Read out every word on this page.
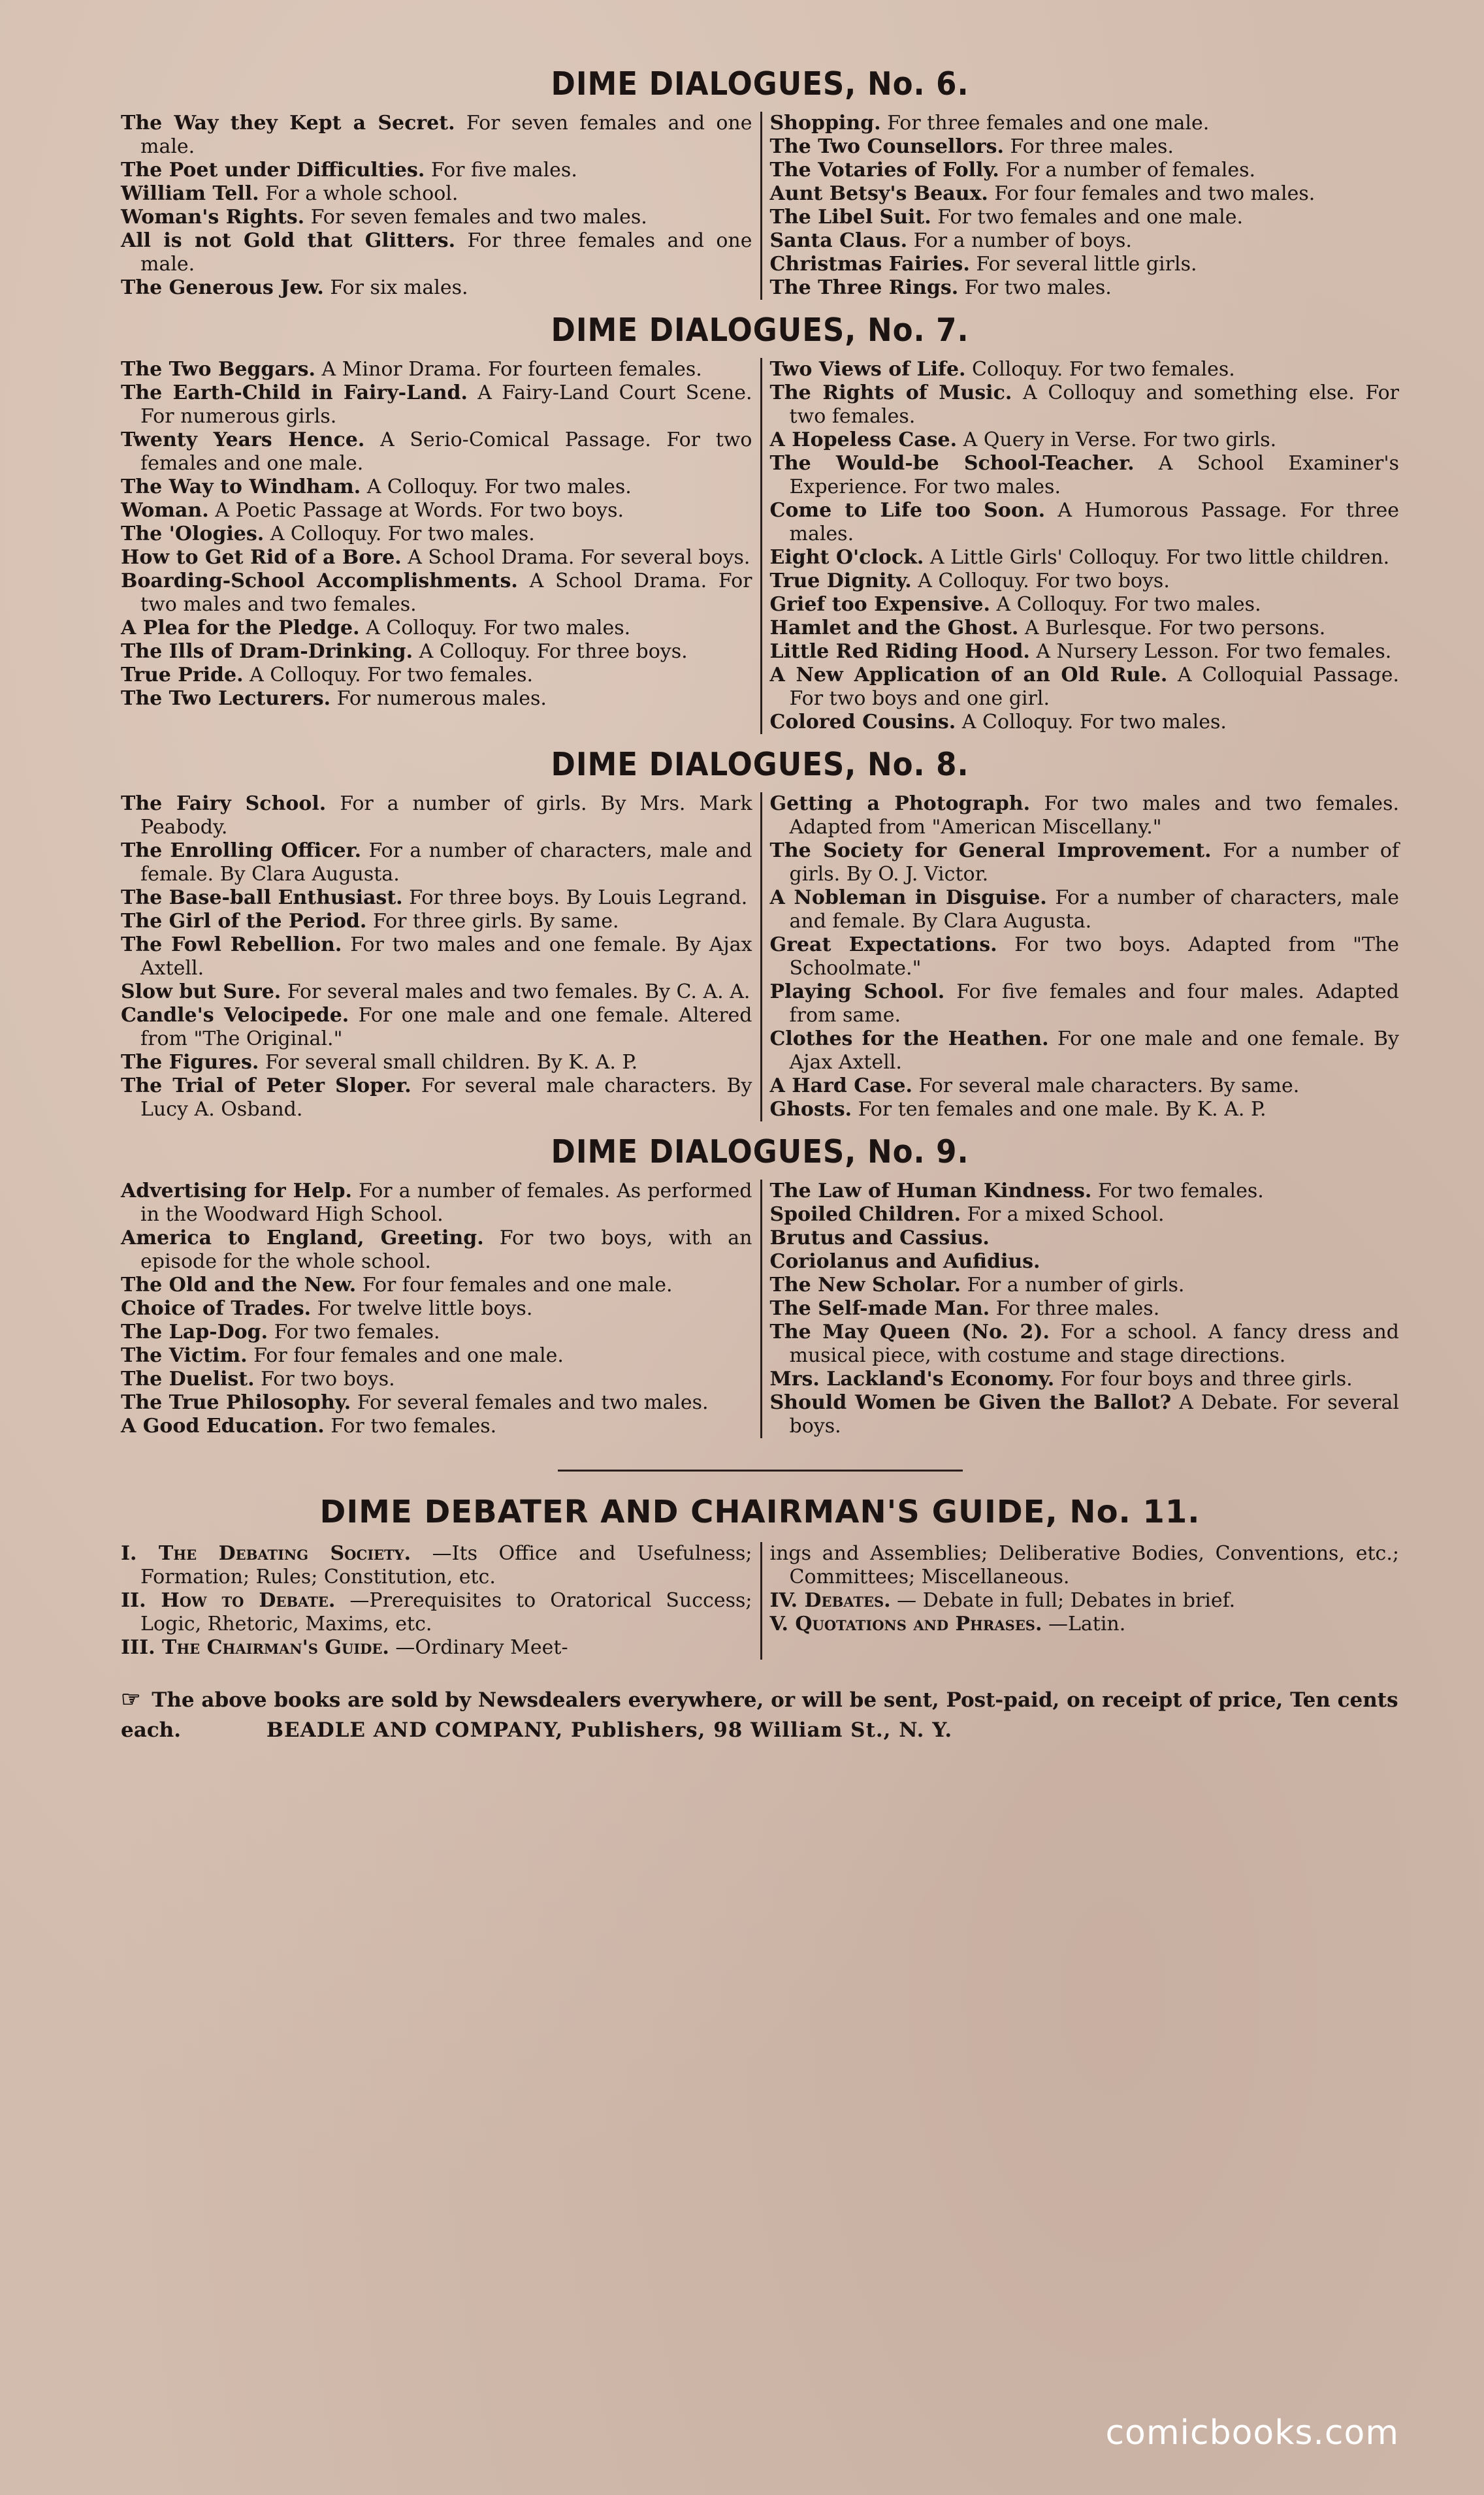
DIME DIALOGUES, No. 6.

The Way they Kept a Secret. For seven females and one male.

The Poet under Difficulties. For five males.

William Tell. For a whole school.

Woman's Rights. For seven females and two males.

All is not Gold that Glitters. For three females and one male.

The Generous Jew. For six males.

Shopping. For three females and one male.

The Two Counsellors. For three males.

The Votaries of Folly. For a number of females.

Aunt Betsy's Beaux. For four females and two males.

The Libel Suit. For two females and one male.

Santa Claus. For a number of boys.

Christmas Fairies. For several little girls.

The Three Rings. For two males.

DIME DIALOGUES, No. 7.

The Two Beggars. A Minor Drama. For fourteen females.

The Earth-Child in Fairy-Land. A Fairy-Land Court Scene. For numerous girls.

Twenty Years Hence. A Serio-Comical Passage. For two females and one male.

The Way to Windham. A Colloquy. For two males.

Woman. A Poetic Passage at Words. For two boys.

The 'Ologies. A Colloquy. For two males.

How to Get Rid of a Bore. A School Drama. For several boys.

Boarding-School Accomplishments. A School Drama. For two males and two females.

A Plea for the Pledge. A Colloquy. For two males.

The Ills of Dram-Drinking. A Colloquy. For three boys.

True Pride. A Colloquy. For two females.

The Two Lecturers. For numerous males.

Two Views of Life. Colloquy. For two females.

The Rights of Music. A Colloquy and something else. For two females.

A Hopeless Case. A Query in Verse. For two girls.

The Would-be School-Teacher. A School Examiner's Experience. For two males.

Come to Life too Soon. A Humorous Passage. For three males.

Eight O'clock. A Little Girls' Colloquy. For two little children.

True Dignity. A Colloquy. For two boys.

Grief too Expensive. A Colloquy. For two males.

Hamlet and the Ghost. A Burlesque. For two persons.

Little Red Riding Hood. A Nursery Lesson. For two females.

A New Application of an Old Rule. A Colloquial Passage. For two boys and one girl.

Colored Cousins. A Colloquy. For two males.

DIME DIALOGUES, No. 8.

The Fairy School. For a number of girls. By Mrs. Mark Peabody.

The Enrolling Officer. For a number of characters, male and female. By Clara Augusta.

The Base-ball Enthusiast. For three boys. By Louis Legrand.

The Girl of the Period. For three girls. By same.

The Fowl Rebellion. For two males and one female. By Ajax Axtell.

Slow but Sure. For several males and two females. By C. A. A.

Candle's Velocipede. For one male and one female. Altered from "The Original."

The Figures. For several small children. By K. A. P.

The Trial of Peter Sloper. For several male characters. By Lucy A. Osband.

Getting a Photograph. For two males and two females. Adapted from "American Miscellany."

The Society for General Improvement. For a number of girls. By O. J. Victor.

A Nobleman in Disguise. For a number of characters, male and female. By Clara Augusta.

Great Expectations. For two boys. Adapted from "The Schoolmate."

Playing School. For five females and four males. Adapted from same.

Clothes for the Heathen. For one male and one female. By Ajax Axtell.

A Hard Case. For several male characters. By same.

Ghosts. For ten females and one male. By K. A. P.

DIME DIALOGUES, No. 9.

Advertising for Help. For a number of females. As performed in the Woodward High School.

America to England, Greeting. For two boys, with an episode for the whole school.

The Old and the New. For four females and one male.

Choice of Trades. For twelve little boys.

The Lap-Dog. For two females.

The Victim. For four females and one male.

The Duelist. For two boys.

The True Philosophy. For several females and two males.

A Good Education. For two females.

The Law of Human Kindness. For two females.

Spoiled Children. For a mixed School.

Brutus and Cassius.

Coriolanus and Aufidius.

The New Scholar. For a number of girls.

The Self-made Man. For three males.

The May Queen (No. 2). For a school. A fancy dress and musical piece, with costume and stage directions.

Mrs. Lackland's Economy. For four boys and three girls.

Should Women be Given the Ballot? A Debate. For several boys.

DIME DEBATER AND CHAIRMAN'S GUIDE, No. 11.

I. The Debating Society. —Its Office and Usefulness; Formation; Rules; Constitution, etc.

II. How to Debate. —Prerequisites to Oratorical Success; Logic, Rhetoric, Maxims, etc.

III. The Chairman's Guide. —Ordinary Meet-

ings and Assemblies; Deliberative Bodies, Conventions, etc.; Committees; Miscellaneous.

IV. Debates. — Debate in full; Debates in brief.

V. Quotations and Phrases. —Latin.

☞ The above books are sold by Newsdealers everywhere, or will be sent, Post-paid, on receipt of price, Ten cents each.	BEADLE AND COMPANY, Publishers, 98 William St., N. Y.
comicbooks.com
